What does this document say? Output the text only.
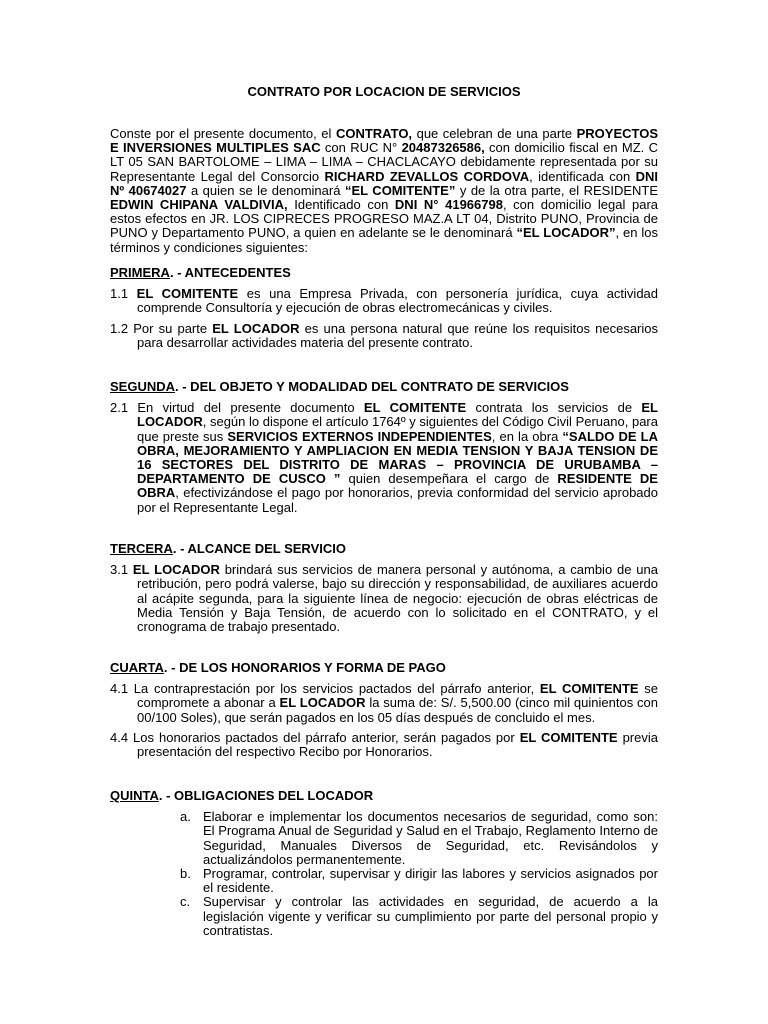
CONTRATO POR LOCACION DE SERVICIOS

Conste por el presente documento, el CONTRATO, que celebran de una parte PROYECTOS E INVERSIONES MULTIPLES SAC con RUC N° 20487326586, con domicilio fiscal en MZ. C LT 05 SAN BARTOLOME – LIMA – LIMA – CHACLACAYO debidamente representada por su Representante Legal del Consorcio RICHARD ZEVALLOS CORDOVA, identificada con DNI Nº 40674027 a quien se le denominará “EL COMITENTE” y de la otra parte, el RESIDENTE EDWIN CHIPANA VALDIVIA, Identificado con DNI N° 41966798, con domicilio legal para estos efectos en JR. LOS CIPRECES PROGRESO MAZ.A LT 04, Distrito PUNO, Provincia de PUNO y Departamento PUNO, a quien en adelante se le denominará “EL LOCADOR”, en los términos y condiciones siguientes:

PRIMERA. - ANTECEDENTES

1.1 EL COMITENTE es una Empresa Privada, con personería jurídica, cuya actividad comprende Consultoría y ejecución de obras electromecánicas y civiles.

1.2 Por su parte EL LOCADOR es una persona natural que reúne los requisitos necesarios para desarrollar actividades materia del presente contrato.

SEGUNDA. - DEL OBJETO Y MODALIDAD DEL CONTRATO DE SERVICIOS

2.1 En virtud del presente documento EL COMITENTE contrata los servicios de EL LOCADOR, según lo dispone el artículo 1764º y siguientes del Código Civil Peruano, para que preste sus SERVICIOS EXTERNOS INDEPENDIENTES, en la obra “SALDO DE LA OBRA, MEJORAMIENTO Y AMPLIACION EN MEDIA TENSION Y BAJA TENSION DE 16 SECTORES DEL DISTRITO DE MARAS – PROVINCIA DE URUBAMBA – DEPARTAMENTO DE CUSCO ” quien desempeñara el cargo de RESIDENTE DE OBRA, efectivizándose el pago por honorarios, previa conformidad del servicio aprobado por el Representante Legal.

TERCERA. - ALCANCE DEL SERVICIO

3.1 EL LOCADOR brindará sus servicios de manera personal y autónoma, a cambio de una retribución, pero podrá valerse, bajo su dirección y responsabilidad, de auxiliares acuerdo al acápite segunda, para la siguiente línea de negocio: ejecución de obras eléctricas de Media Tensión y Baja Tensión, de acuerdo con lo solicitado en el CONTRATO, y el cronograma de trabajo presentado.

CUARTA. - DE LOS HONORARIOS Y FORMA DE PAGO

4.1 La contraprestación por los servicios pactados del párrafo anterior, EL COMITENTE se compromete a abonar a EL LOCADOR la suma de: S/. 5,500.00 (cinco mil quinientos con 00/100 Soles), que serán pagados en los 05 días después de concluido el mes.

4.4 Los honorarios pactados del párrafo anterior, serán pagados por EL COMITENTE previa presentación del respectivo Recibo por Honorarios.

QUINTA. - OBLIGACIONES DEL LOCADOR

a. Elaborar e implementar los documentos necesarios de seguridad, como son: El Programa Anual de Seguridad y Salud en el Trabajo, Reglamento Interno de Seguridad, Manuales Diversos de Seguridad, etc. Revisándolos y actualizándolos permanentemente.
b. Programar, controlar, supervisar y dirigir las labores y servicios asignados por el residente.
c. Supervisar y controlar las actividades en seguridad, de acuerdo a la legislación vigente y verificar su cumplimiento por parte del personal propio y contratistas.
